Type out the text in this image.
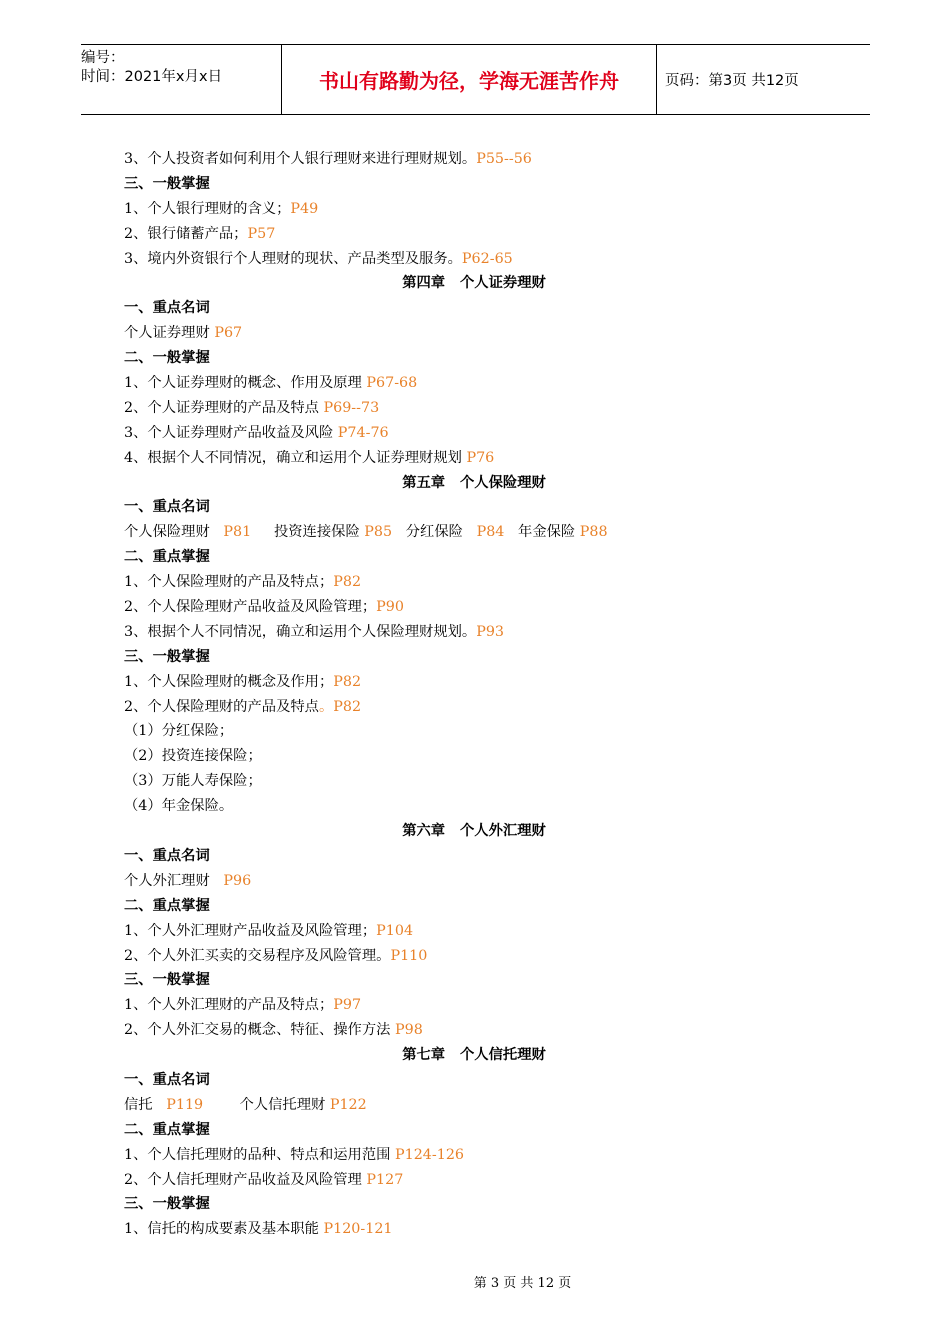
编号：
时间：2021年x月x日	书山有路勤为径，学海无涯苦作舟	页码：第3页 共12页
3、个人投资者如何利用个人银行理财来进行理财规划。P55--56
三、一般掌握
1、个人银行理财的含义；P49
2、银行储蓄产品；P57
3、境内外资银行个人理财的现状、产品类型及服务。P62-65
第四章   个人证券理财
一、重点名词
个人证券理财 P67
二、一般掌握
1、个人证券理财的概念、作用及原理 P67-68
2、个人证券理财的产品及特点 P69--73
3、个人证券理财产品收益及风险 P74-76
4、根据个人不同情况，确立和运用个人证券理财规划 P76
第五章   个人保险理财
一、重点名词
个人保险理财   P81     投资连接保险 P85   分红保险   P84   年金保险 P88
二、重点掌握
1、个人保险理财的产品及特点；P82
2、个人保险理财产品收益及风险管理；P90
3、根据个人不同情况，确立和运用个人保险理财规划。P93
三、一般掌握
1、个人保险理财的概念及作用；P82
2、个人保险理财的产品及特点。P82
（1）分红保险；
（2）投资连接保险；
（3）万能人寿保险；
（4）年金保险。
第六章   个人外汇理财
一、重点名词
个人外汇理财   P96
二、重点掌握
1、个人外汇理财产品收益及风险管理；P104
2、个人外汇买卖的交易程序及风险管理。P110
三、一般掌握
1、个人外汇理财的产品及特点；P97
2、个人外汇交易的概念、特征、操作方法 P98
第七章   个人信托理财
一、重点名词
信托   P119        个人信托理财 P122
二、重点掌握
1、个人信托理财的品种、特点和运用范围 P124-126
2、个人信托理财产品收益及风险管理 P127
三、一般掌握
1、信托的构成要素及基本职能 P120-121
第 3 页 共 12 页
